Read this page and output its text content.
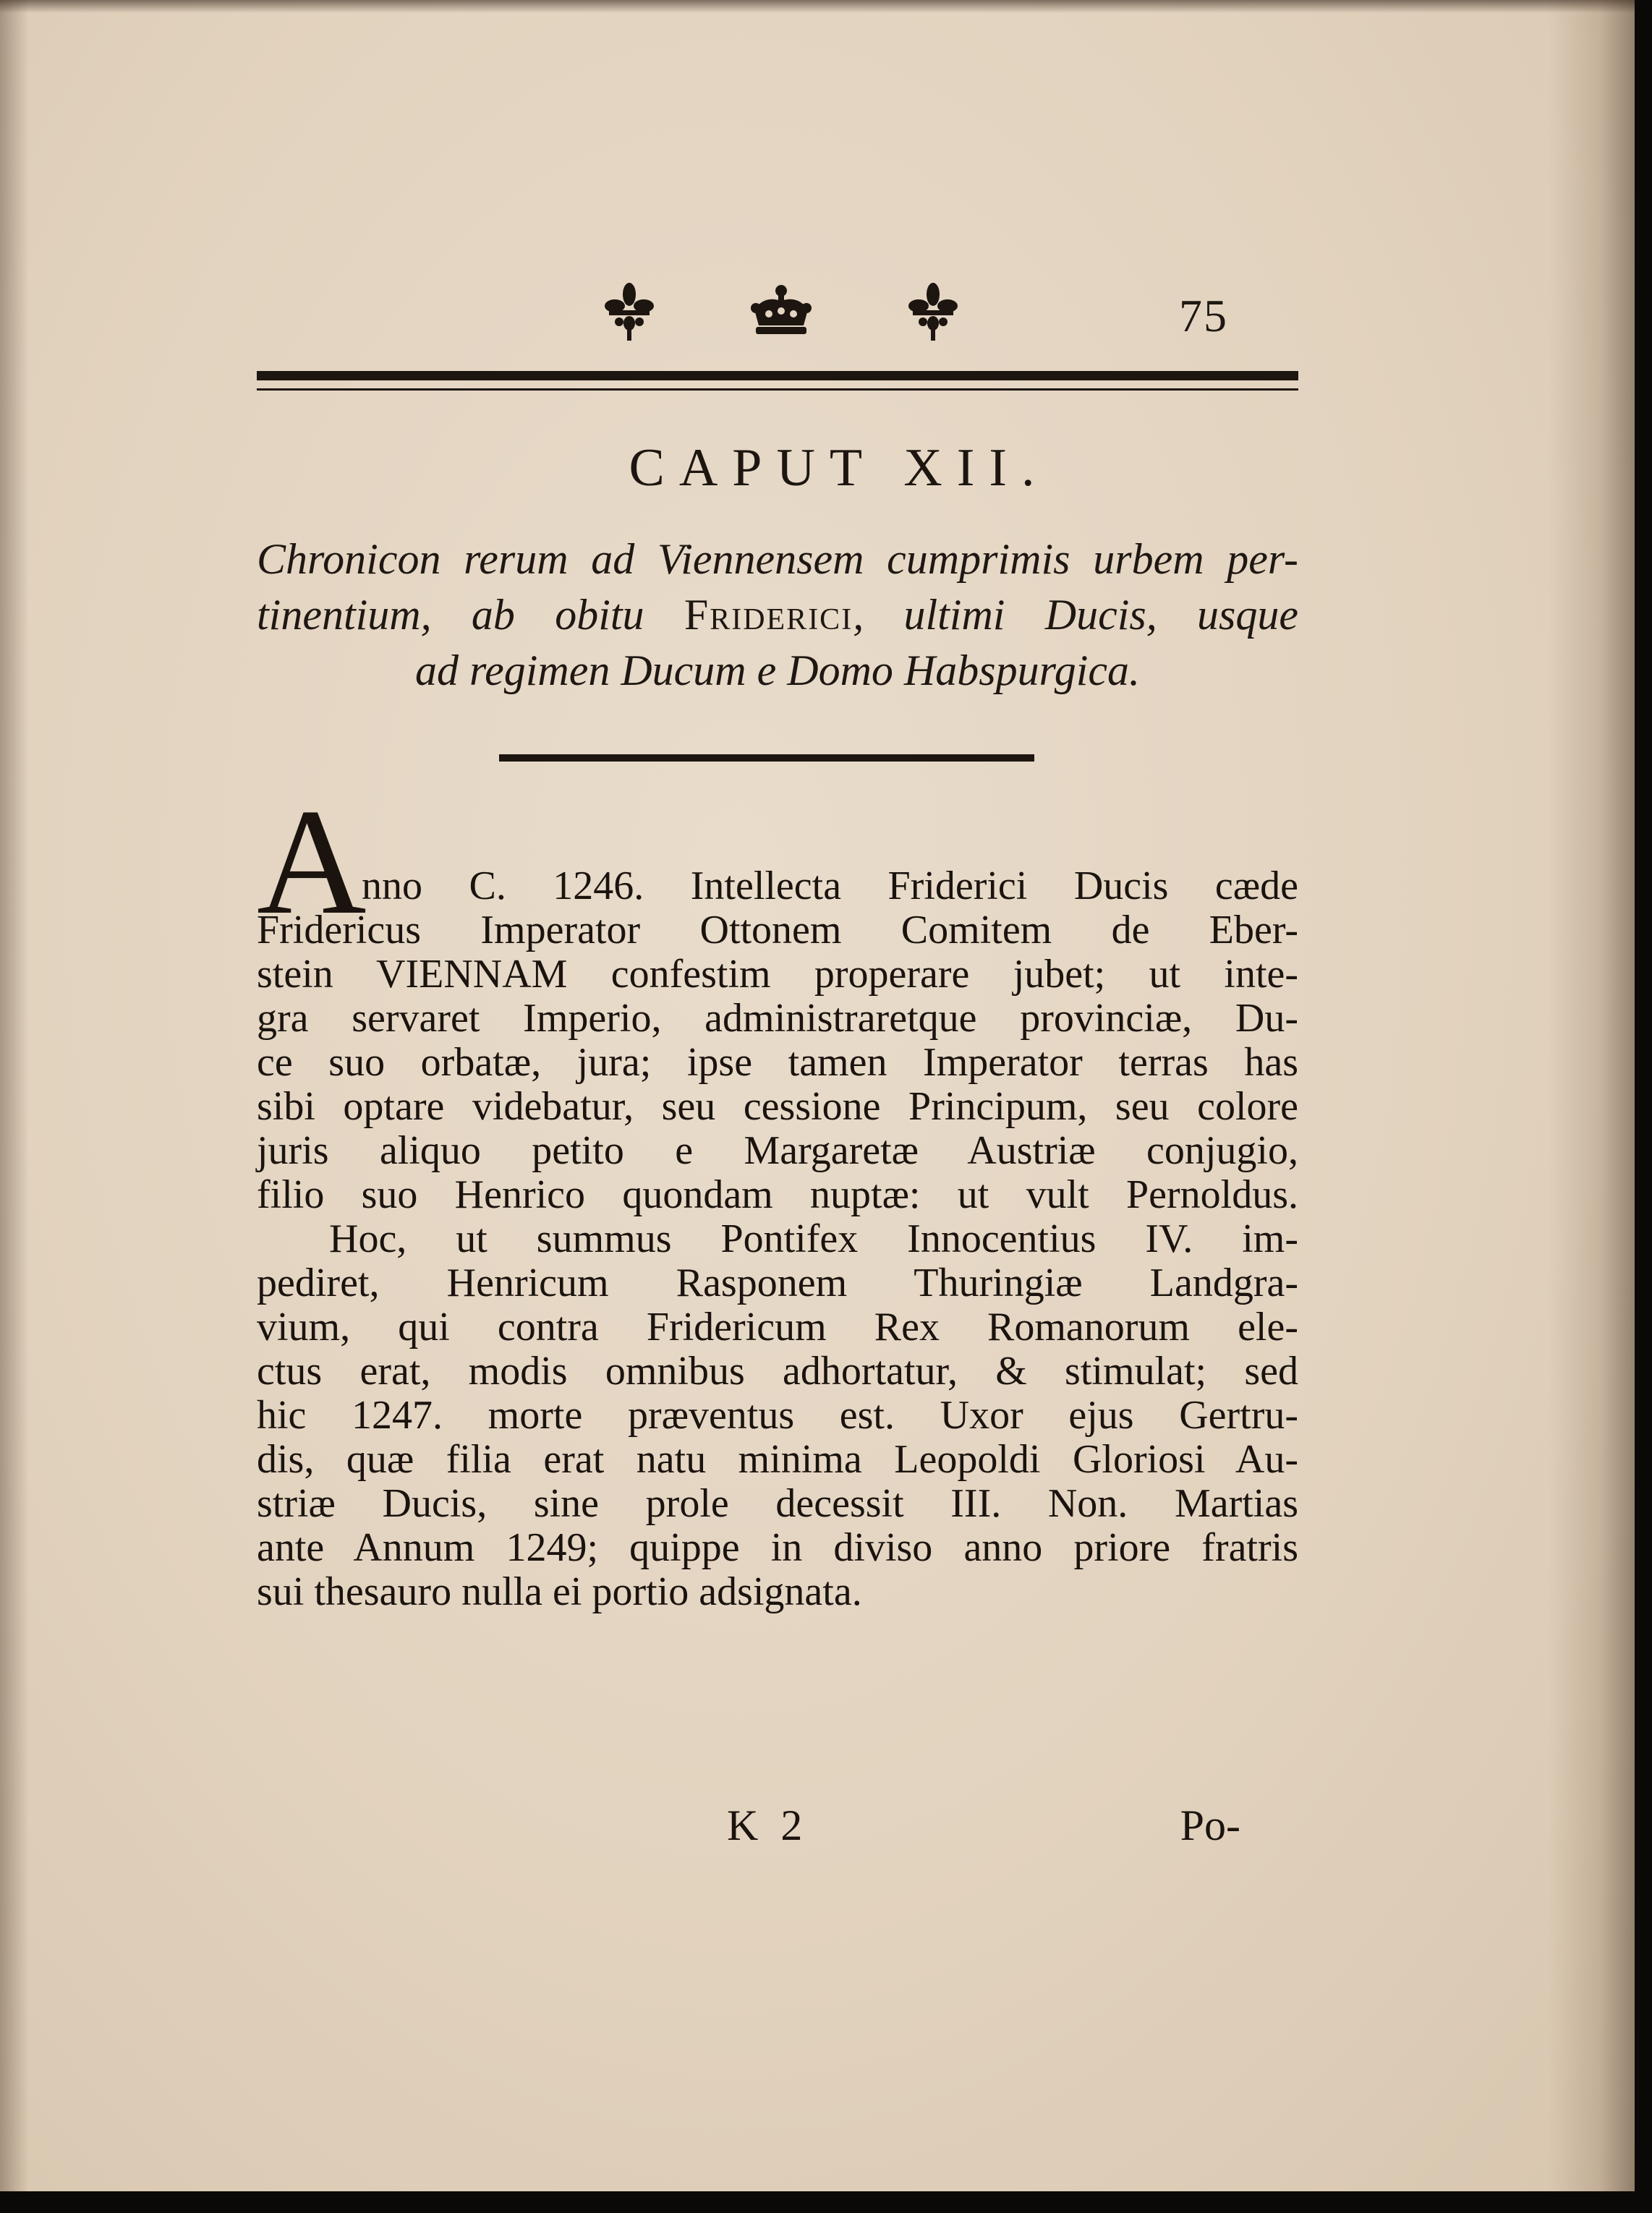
75
CAPUT XII.
Chronicon rerum ad Viennensem cumprimis urbem per-
tinentium, ab obitu Friderici, ultimi Ducis, usque
ad regimen Ducum e Domo Habspurgica.
A
nno C. 1246. Intellecta Friderici Ducis cæde
Fridericus Imperator Ottonem Comitem de Eber-
stein VIENNAM confestim properare jubet; ut inte-
gra servaret Imperio, administraretque provinciæ, Du-
ce suo orbatæ, jura; ipse tamen Imperator terras has
sibi optare videbatur, seu cessione Principum, seu colore
juris aliquo petito e Margaretæ Austriæ conjugio,
filio suo Henrico quondam nuptæ: ut vult Pernoldus.
Hoc, ut summus Pontifex Innocentius IV. im-
pediret, Henricum Rasponem Thuringiæ Landgra-
vium, qui contra Fridericum Rex Romanorum ele-
ctus erat, modis omnibus adhortatur, & stimulat; sed
hic 1247. morte præventus est. Uxor ejus Gertru-
dis, quæ filia erat natu minima Leopoldi Gloriosi Au-
striæ Ducis, sine prole decessit III. Non. Martias
ante Annum 1249; quippe in diviso anno priore fratris
sui thesauro nulla ei portio adsignata.
K 2	Po-
